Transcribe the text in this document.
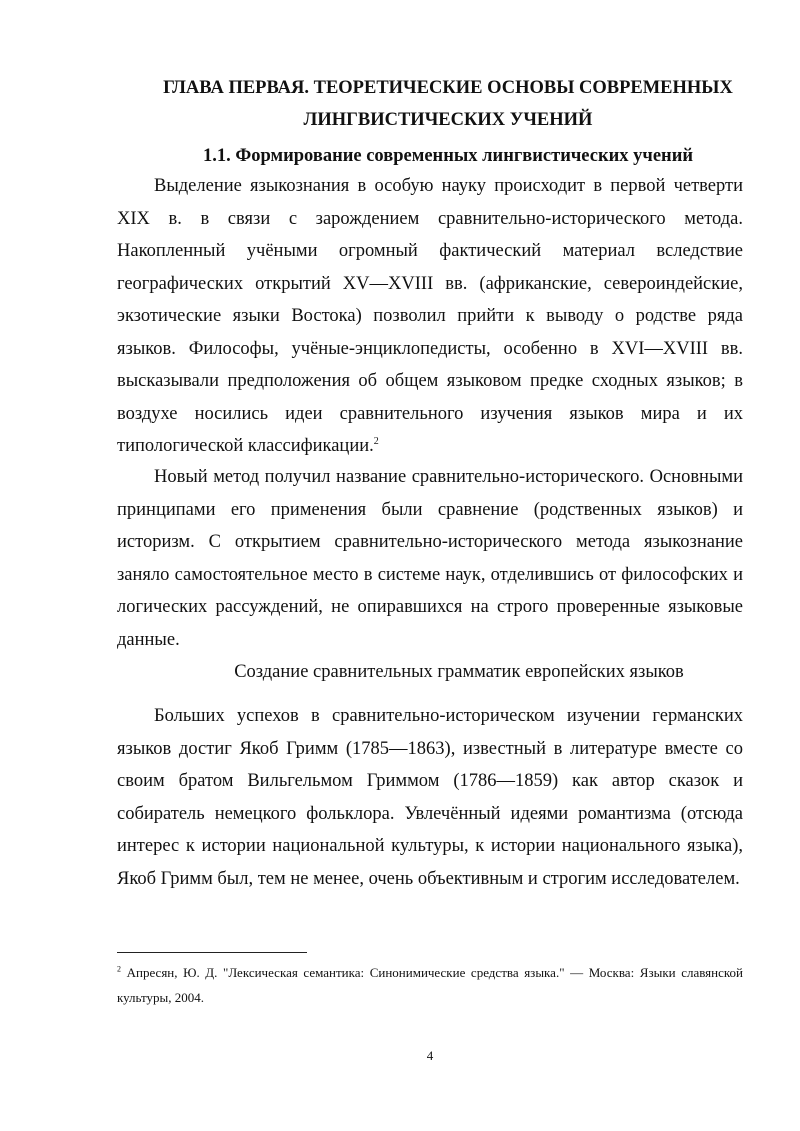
ГЛАВА ПЕРВАЯ. ТЕОРЕТИЧЕСКИЕ ОСНОВЫ СОВРЕМЕННЫХ
ЛИНГВИСТИЧЕСКИХ УЧЕНИЙ
1.1. Формирование современных лингвистических учений

Выделение языкознания в особую науку происходит в первой четверти XIX в. в связи с зарождением сравнительно-исторического метода. Накопленный учёными огромный фактический материал вследствие географических открытий XV—XVIII вв. (африканские, североиндейские, экзотические языки Востока) позволил прийти к выводу о родстве ряда языков. Философы, учёные-энциклопедисты, особенно в XVI—XVIII вв. высказывали предположения об общем языковом предке сходных языков; в воздухе носились идеи сравнительного изучения языков мира и их типологической классификации.$^2$

Новый метод получил название сравнительно-исторического. Основными принципами его применения были сравнение (родственных языков) и историзм. С открытием сравнительно-исторического метода языкознание заняло самостоятельное место в системе наук, отделившись от философских и логических рассуждений, не опиравшихся на строго проверенные языковые данные.

Создание сравнительных грамматик европейских языков

Больших успехов в сравнительно-историческом изучении германских языков достиг Якоб Гримм (1785—1863), известный в литературе вместе со своим братом Вильгельмом Гриммом (1786—1859) как автор сказок и собиратель немецкого фольклора. Увлечённый идеями романтизма (отсюда интерес к истории национальной культуры, к истории национального языка), Якоб Гримм был, тем не менее, очень объективным и строгим исследователем.

$^2$ Апресян, Ю. Д. "Лексическая семантика: Синонимические средства языка." — Москва: Языки славянской культуры, 2004.

4
